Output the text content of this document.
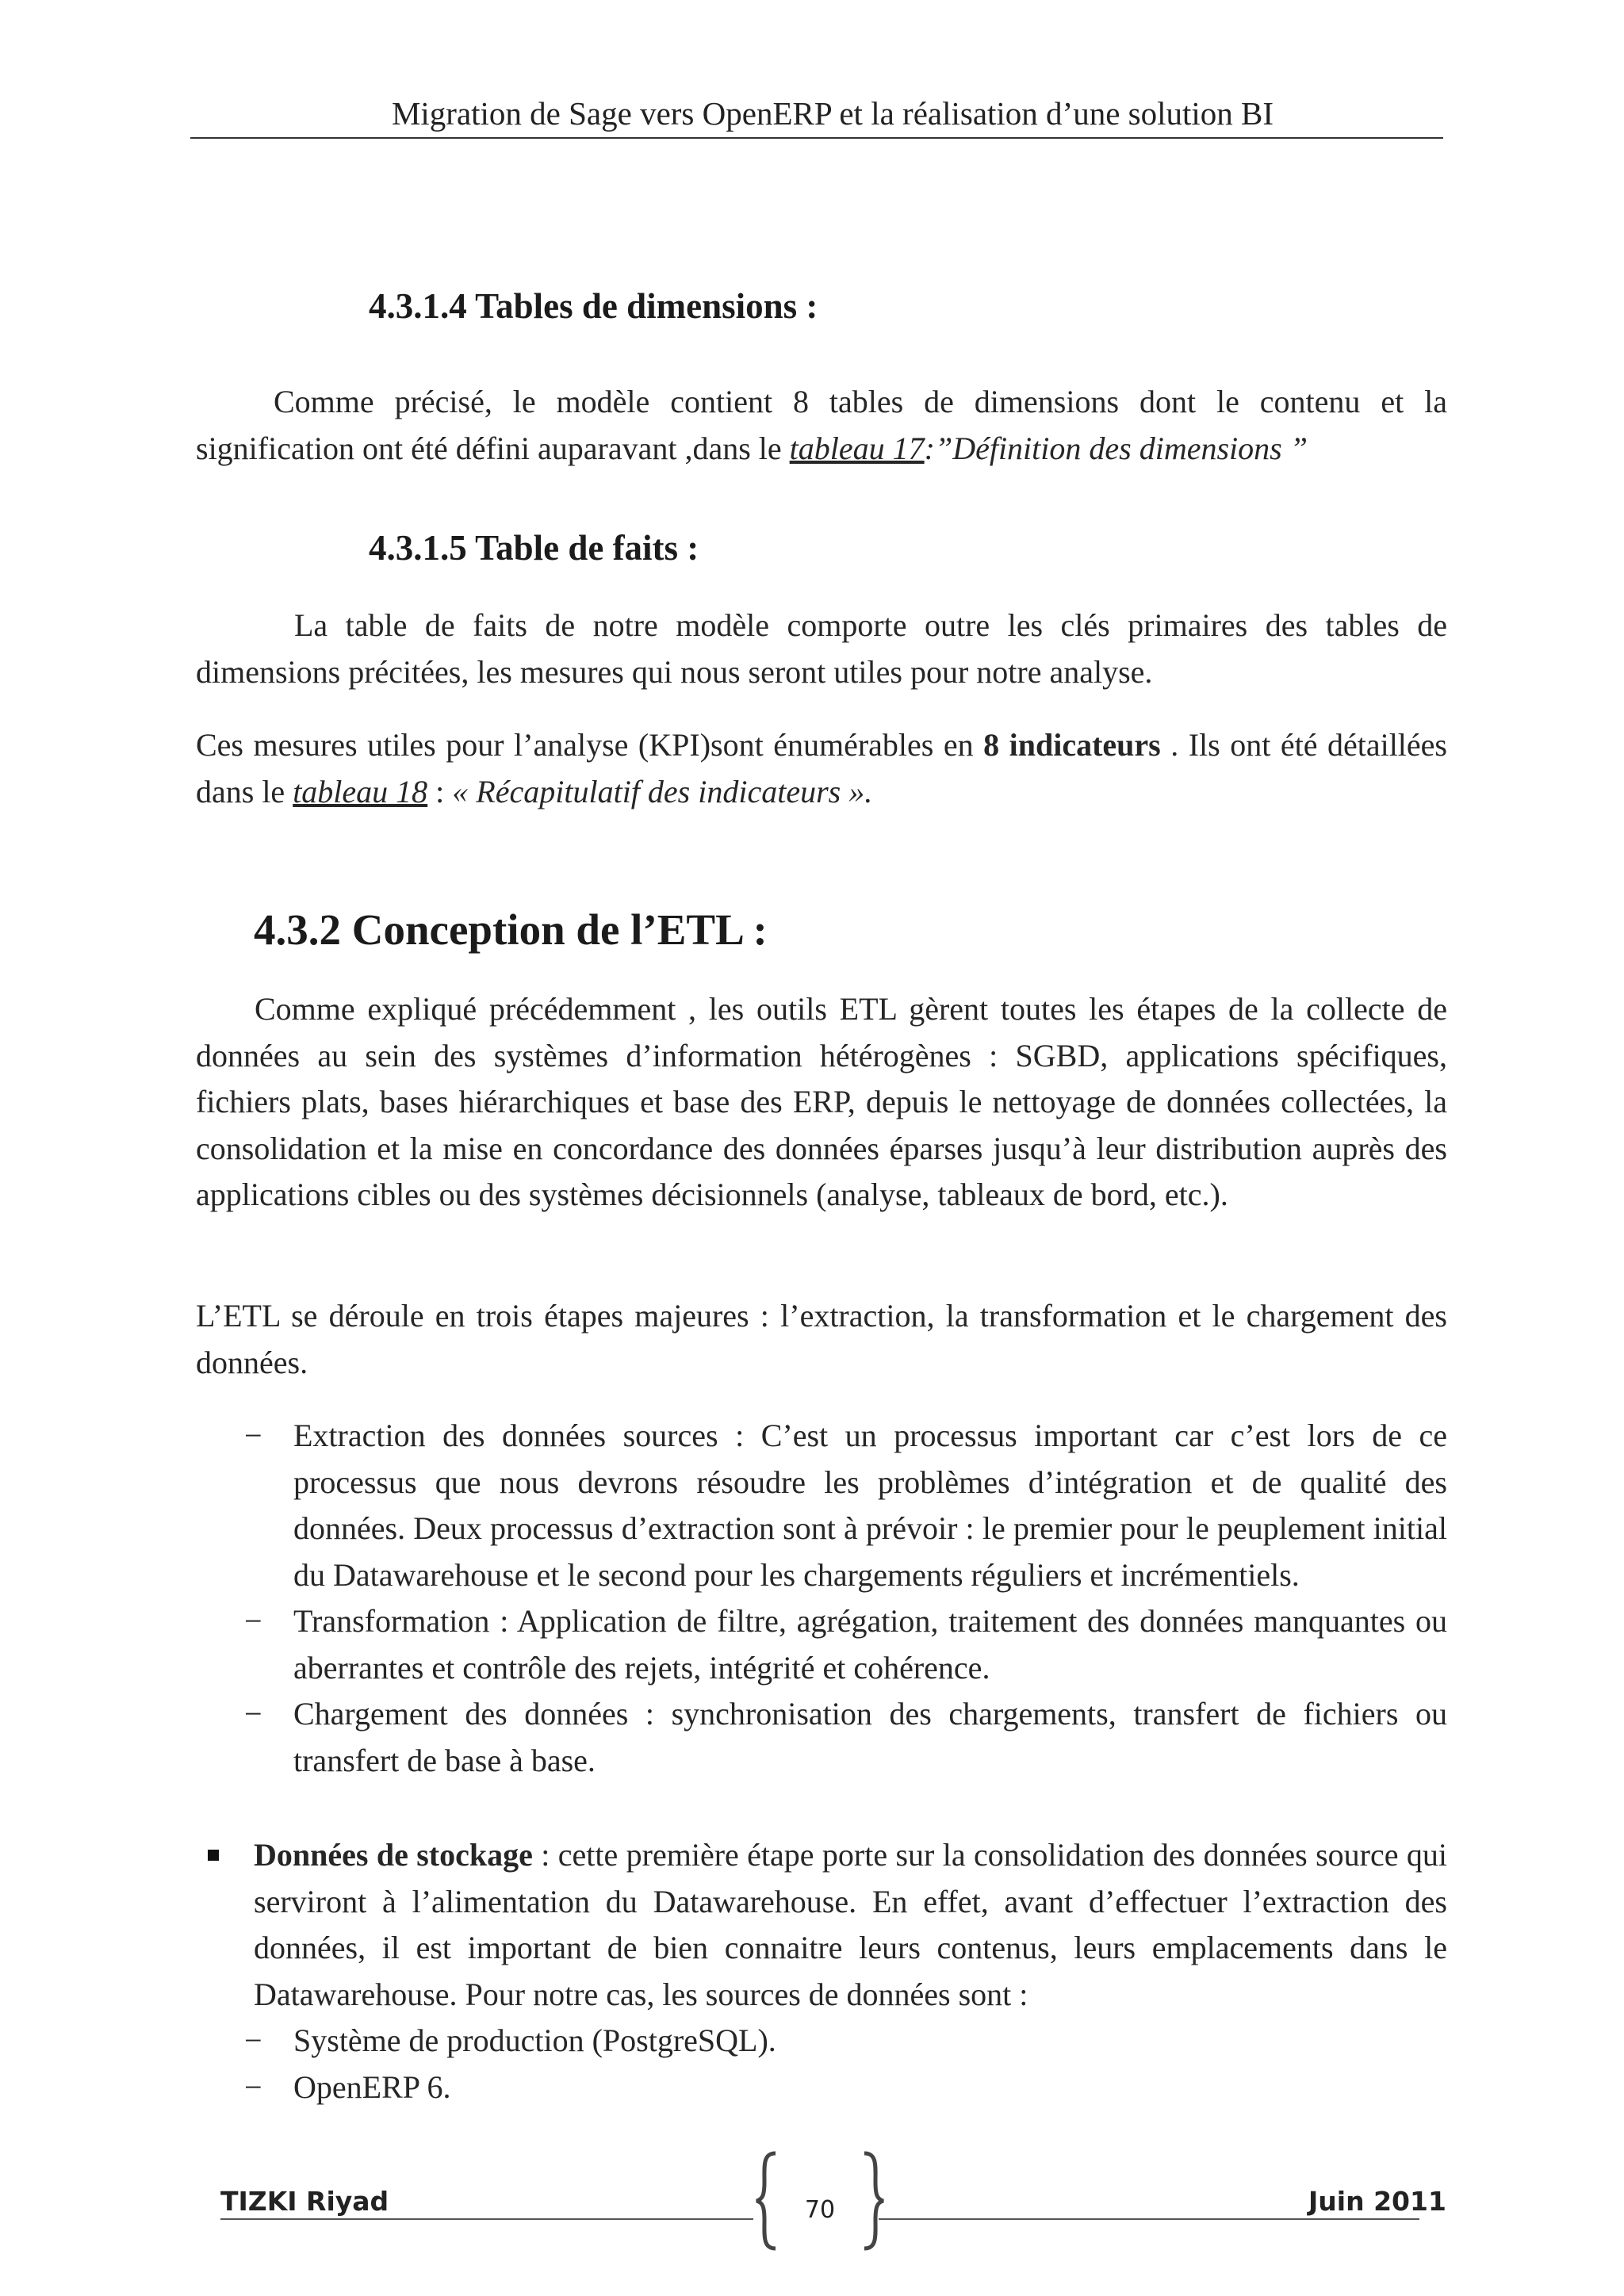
Migration de Sage vers OpenERP et la réalisation d’une solution BI
4.3.1.4 Tables de dimensions :
Comme précisé, le modèle contient 8 tables de dimensions dont le contenu et la signification ont été défini auparavant ,dans le tableau 17:”Définition des dimensions ”
4.3.1.5 Table de faits :
La table de faits de notre modèle comporte outre les clés primaires des tables de dimensions précitées, les mesures qui nous seront utiles pour notre analyse.
Ces mesures utiles pour l’analyse (KPI)sont énumérables en 8 indicateurs . Ils ont été détaillées dans le tableau 18 : « Récapitulatif des indicateurs ».
4.3.2 Conception de l’ETL :
Comme expliqué précédemment , les outils ETL gèrent toutes les étapes de la collecte de données au sein des systèmes d’information hétérogènes : SGBD, applications spécifiques, fichiers plats, bases hiérarchiques et base des ERP, depuis le nettoyage de données collectées, la consolidation et la mise en concordance des données éparses jusqu’à leur distribution auprès des applications cibles ou des systèmes décisionnels (analyse, tableaux de bord, etc.).
L’ETL se déroule en trois étapes majeures : l’extraction, la transformation et le chargement des données.
− Extraction des données sources : C’est un processus important car c’est lors de ce processus que nous devrons résoudre les problèmes d’intégration et de qualité des données. Deux processus d’extraction sont à prévoir : le premier pour le peuplement initial du Datawarehouse et le second pour les chargements réguliers et incrémentiels.
− Transformation : Application de filtre, agrégation, traitement des données manquantes ou aberrantes et contrôle des rejets, intégrité et cohérence.
− Chargement des données : synchronisation des chargements, transfert de fichiers ou transfert de base à base.
Données de stockage : cette première étape porte sur la consolidation des données source qui serviront à l’alimentation du Datawarehouse. En effet, avant d’effectuer l’extraction des données, il est important de bien connaitre leurs contenus, leurs emplacements dans le Datawarehouse. Pour notre cas, les sources de données sont :
− Système de production (PostgreSQL).
− OpenERP 6.
TIZKI Riyad	Juin 2011
70
